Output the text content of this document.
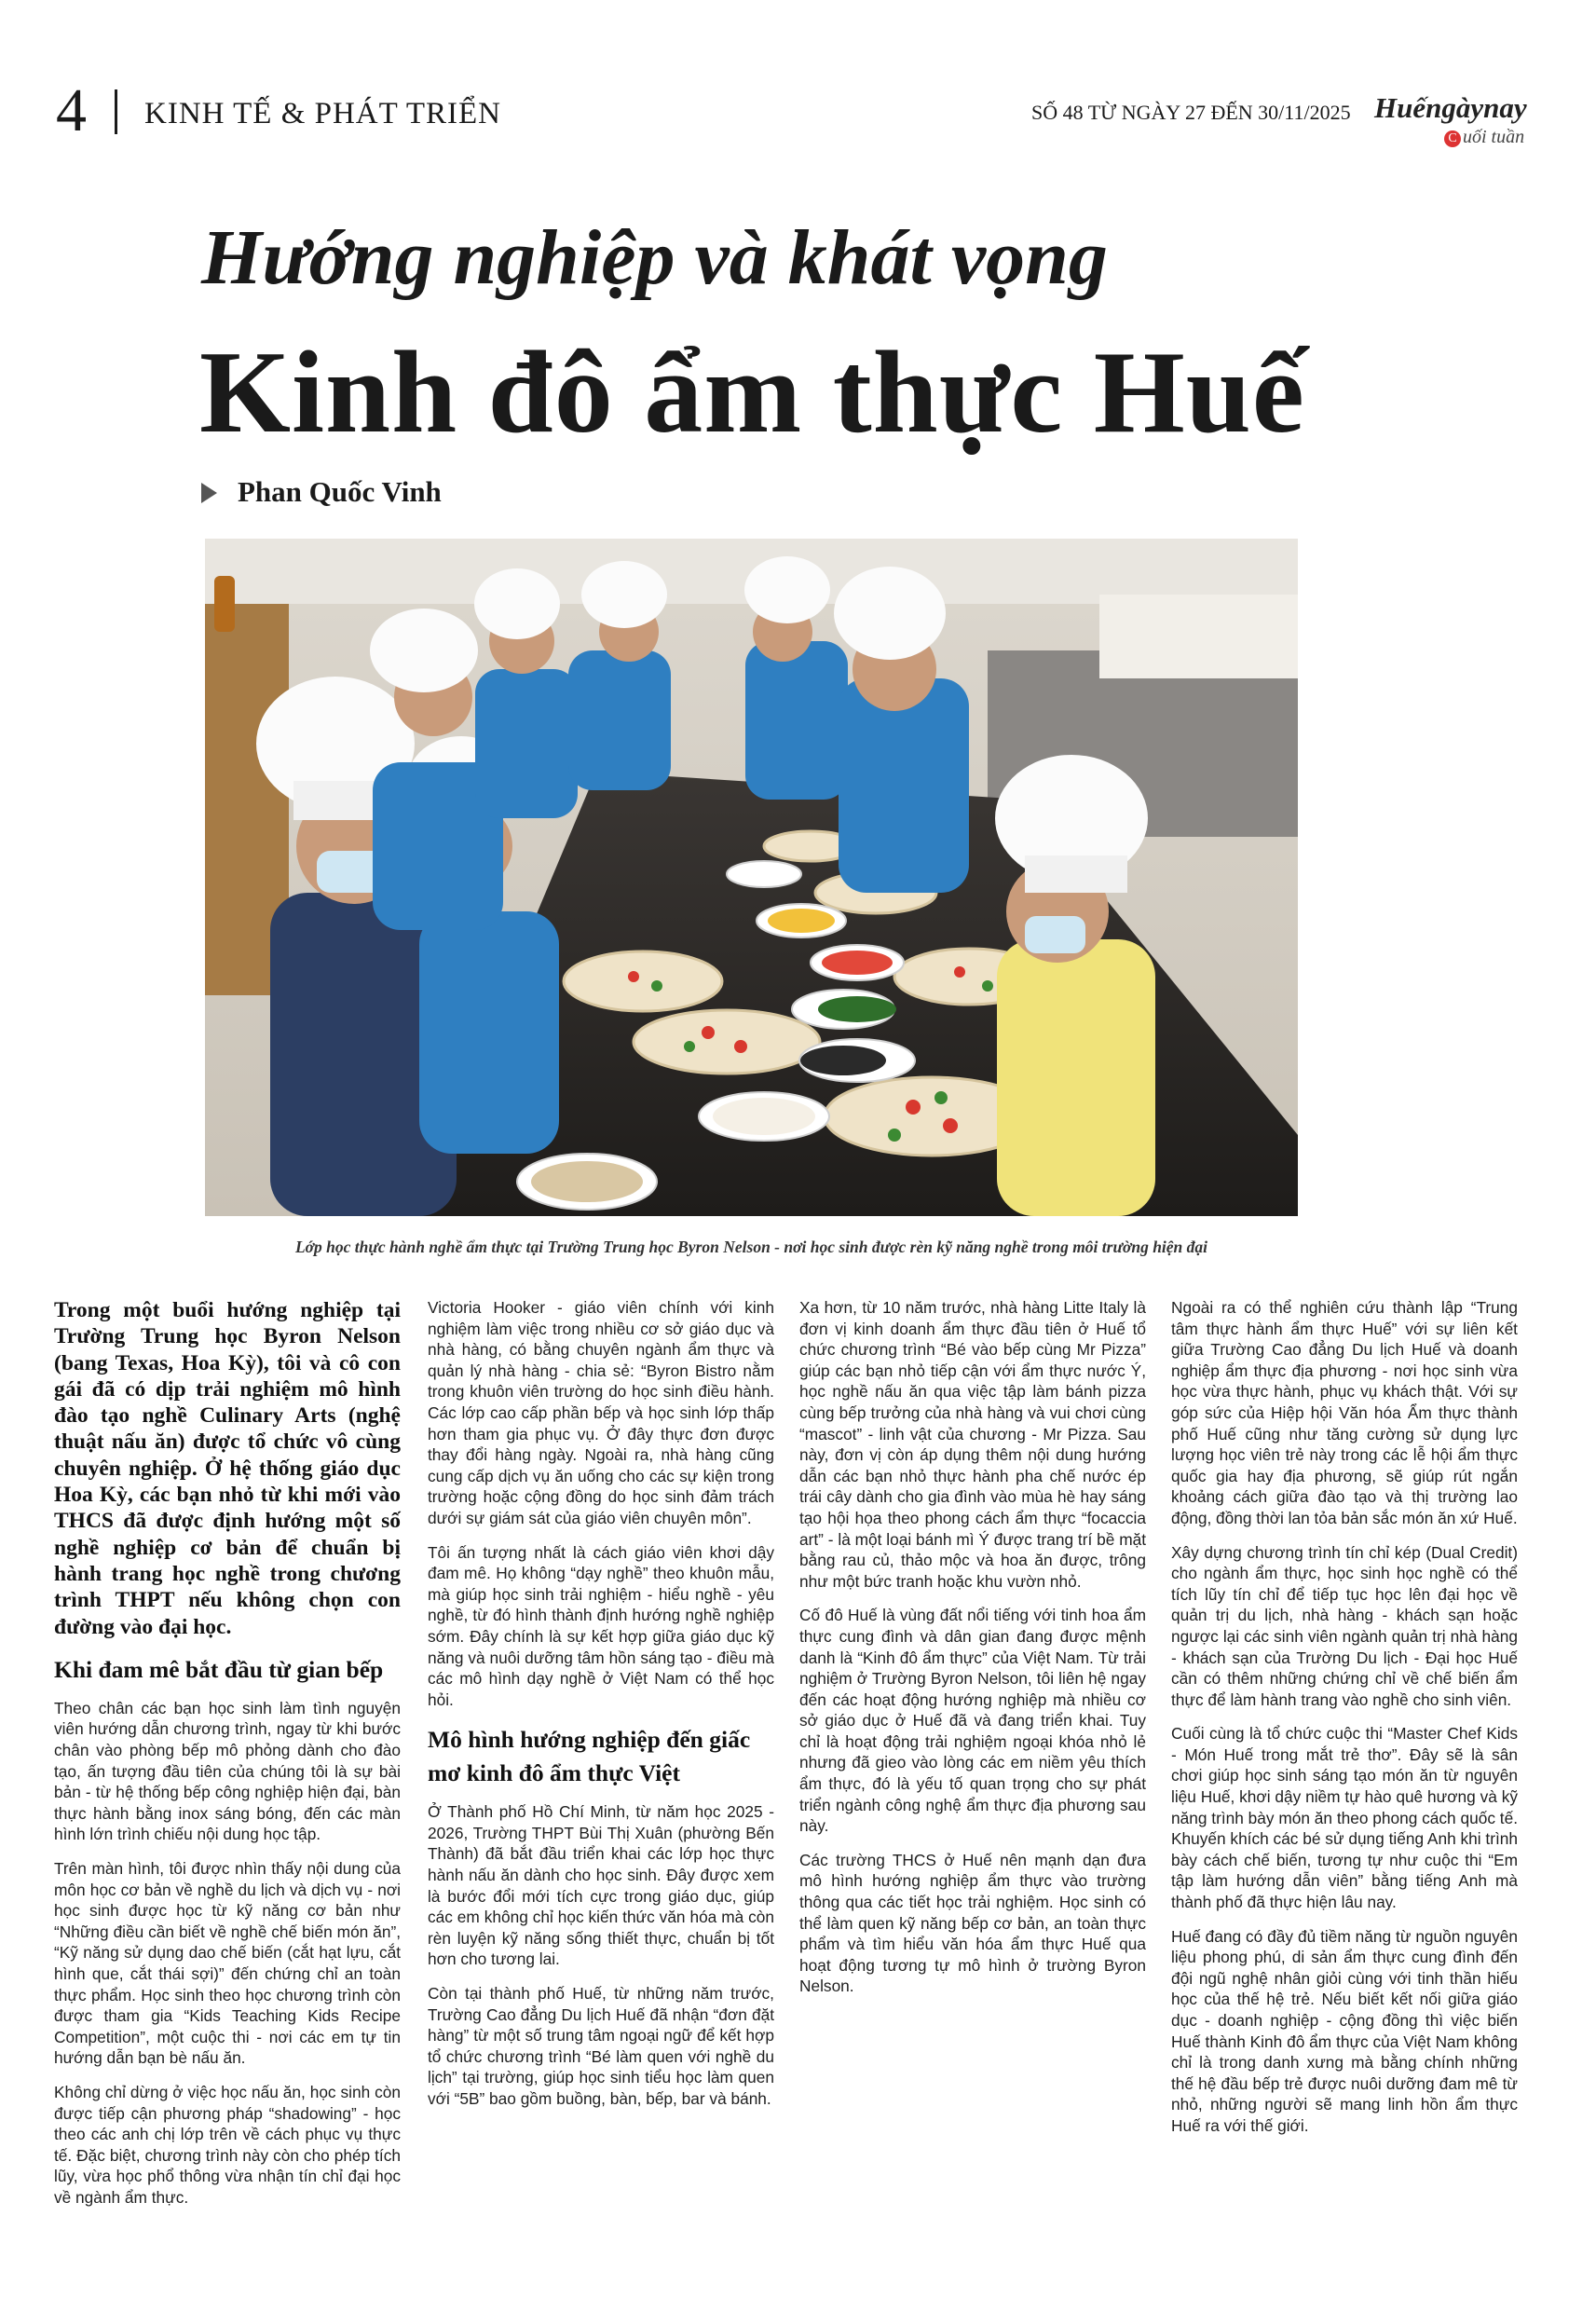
4 KINH TẾ & PHÁT TRIỂN	SỐ 48 TỪ NGÀY 27 ĐẾN 30/11/2025 Huếngàynay
C uối tuần
Hướng nghiệp và khát vọng
Kinh đô ẩm thực Huế
Phan Quốc Vinh
Lớp học thực hành nghề ẩm thực tại Trường Trung học Byron Nelson - nơi học sinh được rèn kỹ năng nghề trong môi trường hiện đại

Trong một buổi hướng nghiệp tại Trường Trung học Byron Nelson (bang Texas, Hoa Kỳ), tôi và cô con gái đã có dịp trải nghiệm mô hình đào tạo nghề Culinary Arts (nghệ thuật nấu ăn) được tổ chức vô cùng chuyên nghiệp. Ở hệ thống giáo dục Hoa Kỳ, các bạn nhỏ từ khi mới vào THCS đã được định hướng một số nghề nghiệp cơ bản để chuẩn bị hành trang học nghề trong chương trình THPT nếu không chọn con đường vào đại học.

Khi đam mê bắt đầu từ gian bếp

Theo chân các bạn học sinh làm tình nguyện viên hướng dẫn chương trình, ngay từ khi bước chân vào phòng bếp mô phỏng dành cho đào tạo, ấn tượng đầu tiên của chúng tôi là sự bài bản - từ hệ thống bếp công nghiệp hiện đại, bàn thực hành bằng inox sáng bóng, đến các màn hình lớn trình chiếu nội dung học tập.

Trên màn hình, tôi được nhìn thấy nội dung của môn học cơ bản về nghề du lịch và dịch vụ - nơi học sinh được học từ kỹ năng cơ bản như “Những điều cần biết về nghề chế biến món ăn”, “Kỹ năng sử dụng dao chế biến (cắt hạt lựu, cắt hình que, cắt thái sợi)” đến chứng chỉ an toàn thực phẩm. Học sinh theo học chương trình còn được tham gia “Kids Teaching Kids Recipe Competition”, một cuộc thi - nơi các em tự tin hướng dẫn bạn bè nấu ăn.

Không chỉ dừng ở việc học nấu ăn, học sinh còn được tiếp cận phương pháp “shadowing” - học theo các anh chị lớp trên về cách phục vụ thực tế. Đặc biệt, chương trình này còn cho phép tích lũy, vừa học phổ thông vừa nhận tín chỉ đại học về ngành ẩm thực.

Victoria Hooker - giáo viên chính với kinh nghiệm làm việc trong nhiều cơ sở giáo dục và nhà hàng, có bằng chuyên ngành ẩm thực và quản lý nhà hàng - chia sẻ: “Byron Bistro nằm trong khuôn viên trường do học sinh điều hành. Các lớp cao cấp phần bếp và học sinh lớp thấp hơn tham gia phục vụ. Ở đây thực đơn được thay đổi hàng ngày. Ngoài ra, nhà hàng cũng cung cấp dịch vụ ăn uống cho các sự kiện trong trường hoặc cộng đồng do học sinh đảm trách dưới sự giám sát của giáo viên chuyên môn”.

Tôi ấn tượng nhất là cách giáo viên khơi dậy đam mê. Họ không “dạy nghề” theo khuôn mẫu, mà giúp học sinh trải nghiệm - hiểu nghề - yêu nghề, từ đó hình thành định hướng nghề nghiệp sớm. Đây chính là sự kết hợp giữa giáo dục kỹ năng và nuôi dưỡng tâm hồn sáng tạo - điều mà các mô hình dạy nghề ở Việt Nam có thể học hỏi.

Mô hình hướng nghiệp đến giấc mơ kinh đô ẩm thực Việt

Ở Thành phố Hồ Chí Minh, từ năm học 2025 - 2026, Trường THPT Bùi Thị Xuân (phường Bến Thành) đã bắt đầu triển khai các lớp học thực hành nấu ăn dành cho học sinh. Đây được xem là bước đổi mới tích cực trong giáo dục, giúp các em không chỉ học kiến thức văn hóa mà còn rèn luyện kỹ năng sống thiết thực, chuẩn bị tốt hơn cho tương lai.

Còn tại thành phố Huế, từ những năm trước, Trường Cao đẳng Du lịch Huế đã nhận “đơn đặt hàng” từ một số trung tâm ngoại ngữ để kết hợp tổ chức chương trình “Bé làm quen với nghề du lịch” tại trường, giúp học sinh tiểu học làm quen với “5B” bao gồm buồng, bàn, bếp, bar và bánh.

Xa hơn, từ 10 năm trước, nhà hàng Litte Italy là đơn vị kinh doanh ẩm thực đầu tiên ở Huế tổ chức chương trình “Bé vào bếp cùng Mr Pizza” giúp các bạn nhỏ tiếp cận với ẩm thực nước Ý, học nghề nấu ăn qua việc tập làm bánh pizza cùng bếp trưởng của nhà hàng và vui chơi cùng “mascot” - linh vật của chương - Mr Pizza. Sau này, đơn vị còn áp dụng thêm nội dung hướng dẫn các bạn nhỏ thực hành pha chế nước ép trái cây dành cho gia đình vào mùa hè hay sáng tạo hội họa theo phong cách ẩm thực “focaccia art” - là một loại bánh mì Ý được trang trí bề mặt bằng rau củ, thảo mộc và hoa ăn được, trông như một bức tranh hoặc khu vườn nhỏ.

Cố đô Huế là vùng đất nổi tiếng với tinh hoa ẩm thực cung đình và dân gian đang được mệnh danh là “Kinh đô ẩm thực” của Việt Nam. Từ trải nghiệm ở Trường Byron Nelson, tôi liên hệ ngay đến các hoạt động hướng nghiệp mà nhiều cơ sở giáo dục ở Huế đã và đang triển khai. Tuy chỉ là hoạt động trải nghiệm ngoại khóa nhỏ lẻ nhưng đã gieo vào lòng các em niềm yêu thích ẩm thực, đó là yếu tố quan trọng cho sự phát triển ngành công nghệ ẩm thực địa phương sau này.

Các trường THCS ở Huế nên mạnh dạn đưa mô hình hướng nghiệp ẩm thực vào trường thông qua các tiết học trải nghiệm. Học sinh có thể làm quen kỹ năng bếp cơ bản, an toàn thực phẩm và tìm hiểu văn hóa ẩm thực Huế qua hoạt động tương tự mô hình ở trường Byron Nelson.

Ngoài ra có thể nghiên cứu thành lập “Trung tâm thực hành ẩm thực Huế” với sự liên kết giữa Trường Cao đẳng Du lịch Huế và doanh nghiệp ẩm thực địa phương - nơi học sinh vừa học vừa thực hành, phục vụ khách thật. Với sự góp sức của Hiệp hội Văn hóa Ẩm thực thành phố Huế cũng như tăng cường sử dụng lực lượng học viên trẻ này trong các lễ hội ẩm thực quốc gia hay địa phương, sẽ giúp rút ngắn khoảng cách giữa đào tạo và thị trường lao động, đồng thời lan tỏa bản sắc món ăn xứ Huế.

Xây dựng chương trình tín chỉ kép (Dual Credit) cho ngành ẩm thực, học sinh học nghề có thể tích lũy tín chỉ để tiếp tục học lên đại học về quản trị du lịch, nhà hàng - khách sạn hoặc ngược lại các sinh viên ngành quản trị nhà hàng - khách sạn của Trường Du lịch - Đại học Huế cần có thêm những chứng chỉ về chế biến ẩm thực để làm hành trang vào nghề cho sinh viên.

Cuối cùng là tổ chức cuộc thi “Master Chef Kids - Món Huế trong mắt trẻ thơ”. Đây sẽ là sân chơi giúp học sinh sáng tạo món ăn từ nguyên liệu Huế, khơi dậy niềm tự hào quê hương và kỹ năng trình bày món ăn theo phong cách quốc tế. Khuyến khích các bé sử dụng tiếng Anh khi trình bày cách chế biến, tương tự như cuộc thi “Em tập làm hướng dẫn viên” bằng tiếng Anh mà thành phố đã thực hiện lâu nay.

Huế đang có đầy đủ tiềm năng từ nguồn nguyên liệu phong phú, di sản ẩm thực cung đình đến đội ngũ nghệ nhân giỏi cùng với tinh thần hiếu học của thế hệ trẻ. Nếu biết kết nối giữa giáo dục - doanh nghiệp - cộng đồng thì việc biến Huế thành Kinh đô ẩm thực của Việt Nam không chỉ là trong danh xưng mà bằng chính những thế hệ đầu bếp trẻ được nuôi dưỡng đam mê từ nhỏ, những người sẽ mang linh hồn ẩm thực Huế ra với thế giới.
